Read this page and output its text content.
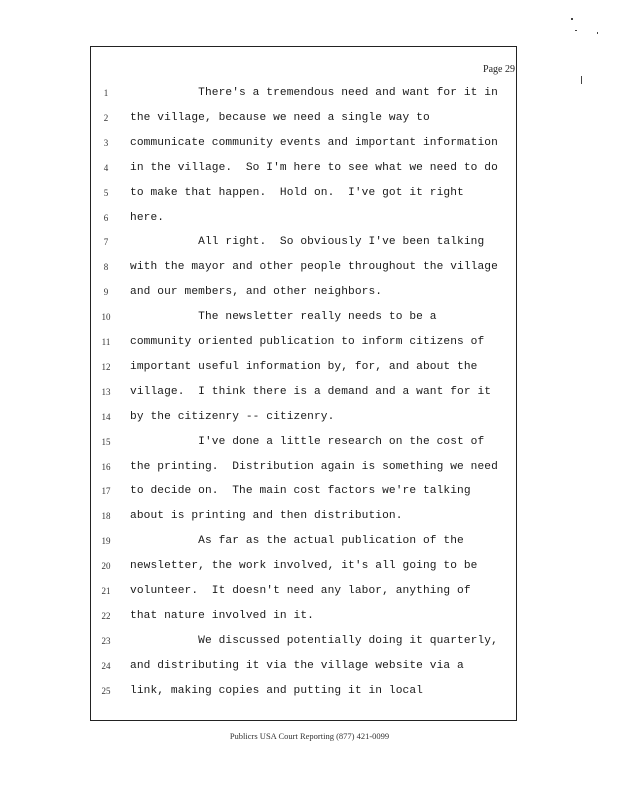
Page 29
1	There's a tremendous need and want for it in
2	the village, because we need a single way to
3	communicate community events and important information
4	in the village.  So I'm here to see what we need to do
5	to make that happen.  Hold on.  I've got it right
6	here.
7	All right.  So obviously I've been talking
8	with the mayor and other people throughout the village
9	and our members, and other neighbors.
10	The newsletter really needs to be a
11	community oriented publication to inform citizens of
12	important useful information by, for, and about the
13	village.  I think there is a demand and a want for it
14	by the citizenry -- citizenry.
15	I've done a little research on the cost of
16	the printing.  Distribution again is something we need
17	to decide on.  The main cost factors we're talking
18	about is printing and then distribution.
19	As far as the actual publication of the
20	newsletter, the work involved, it's all going to be
21	volunteer.  It doesn't need any labor, anything of
22	that nature involved in it.
23	We discussed potentially doing it quarterly,
24	and distributing it via the village website via a
25	link, making copies and putting it in local
Publicrs USA Court Reporting (877) 421-0099
